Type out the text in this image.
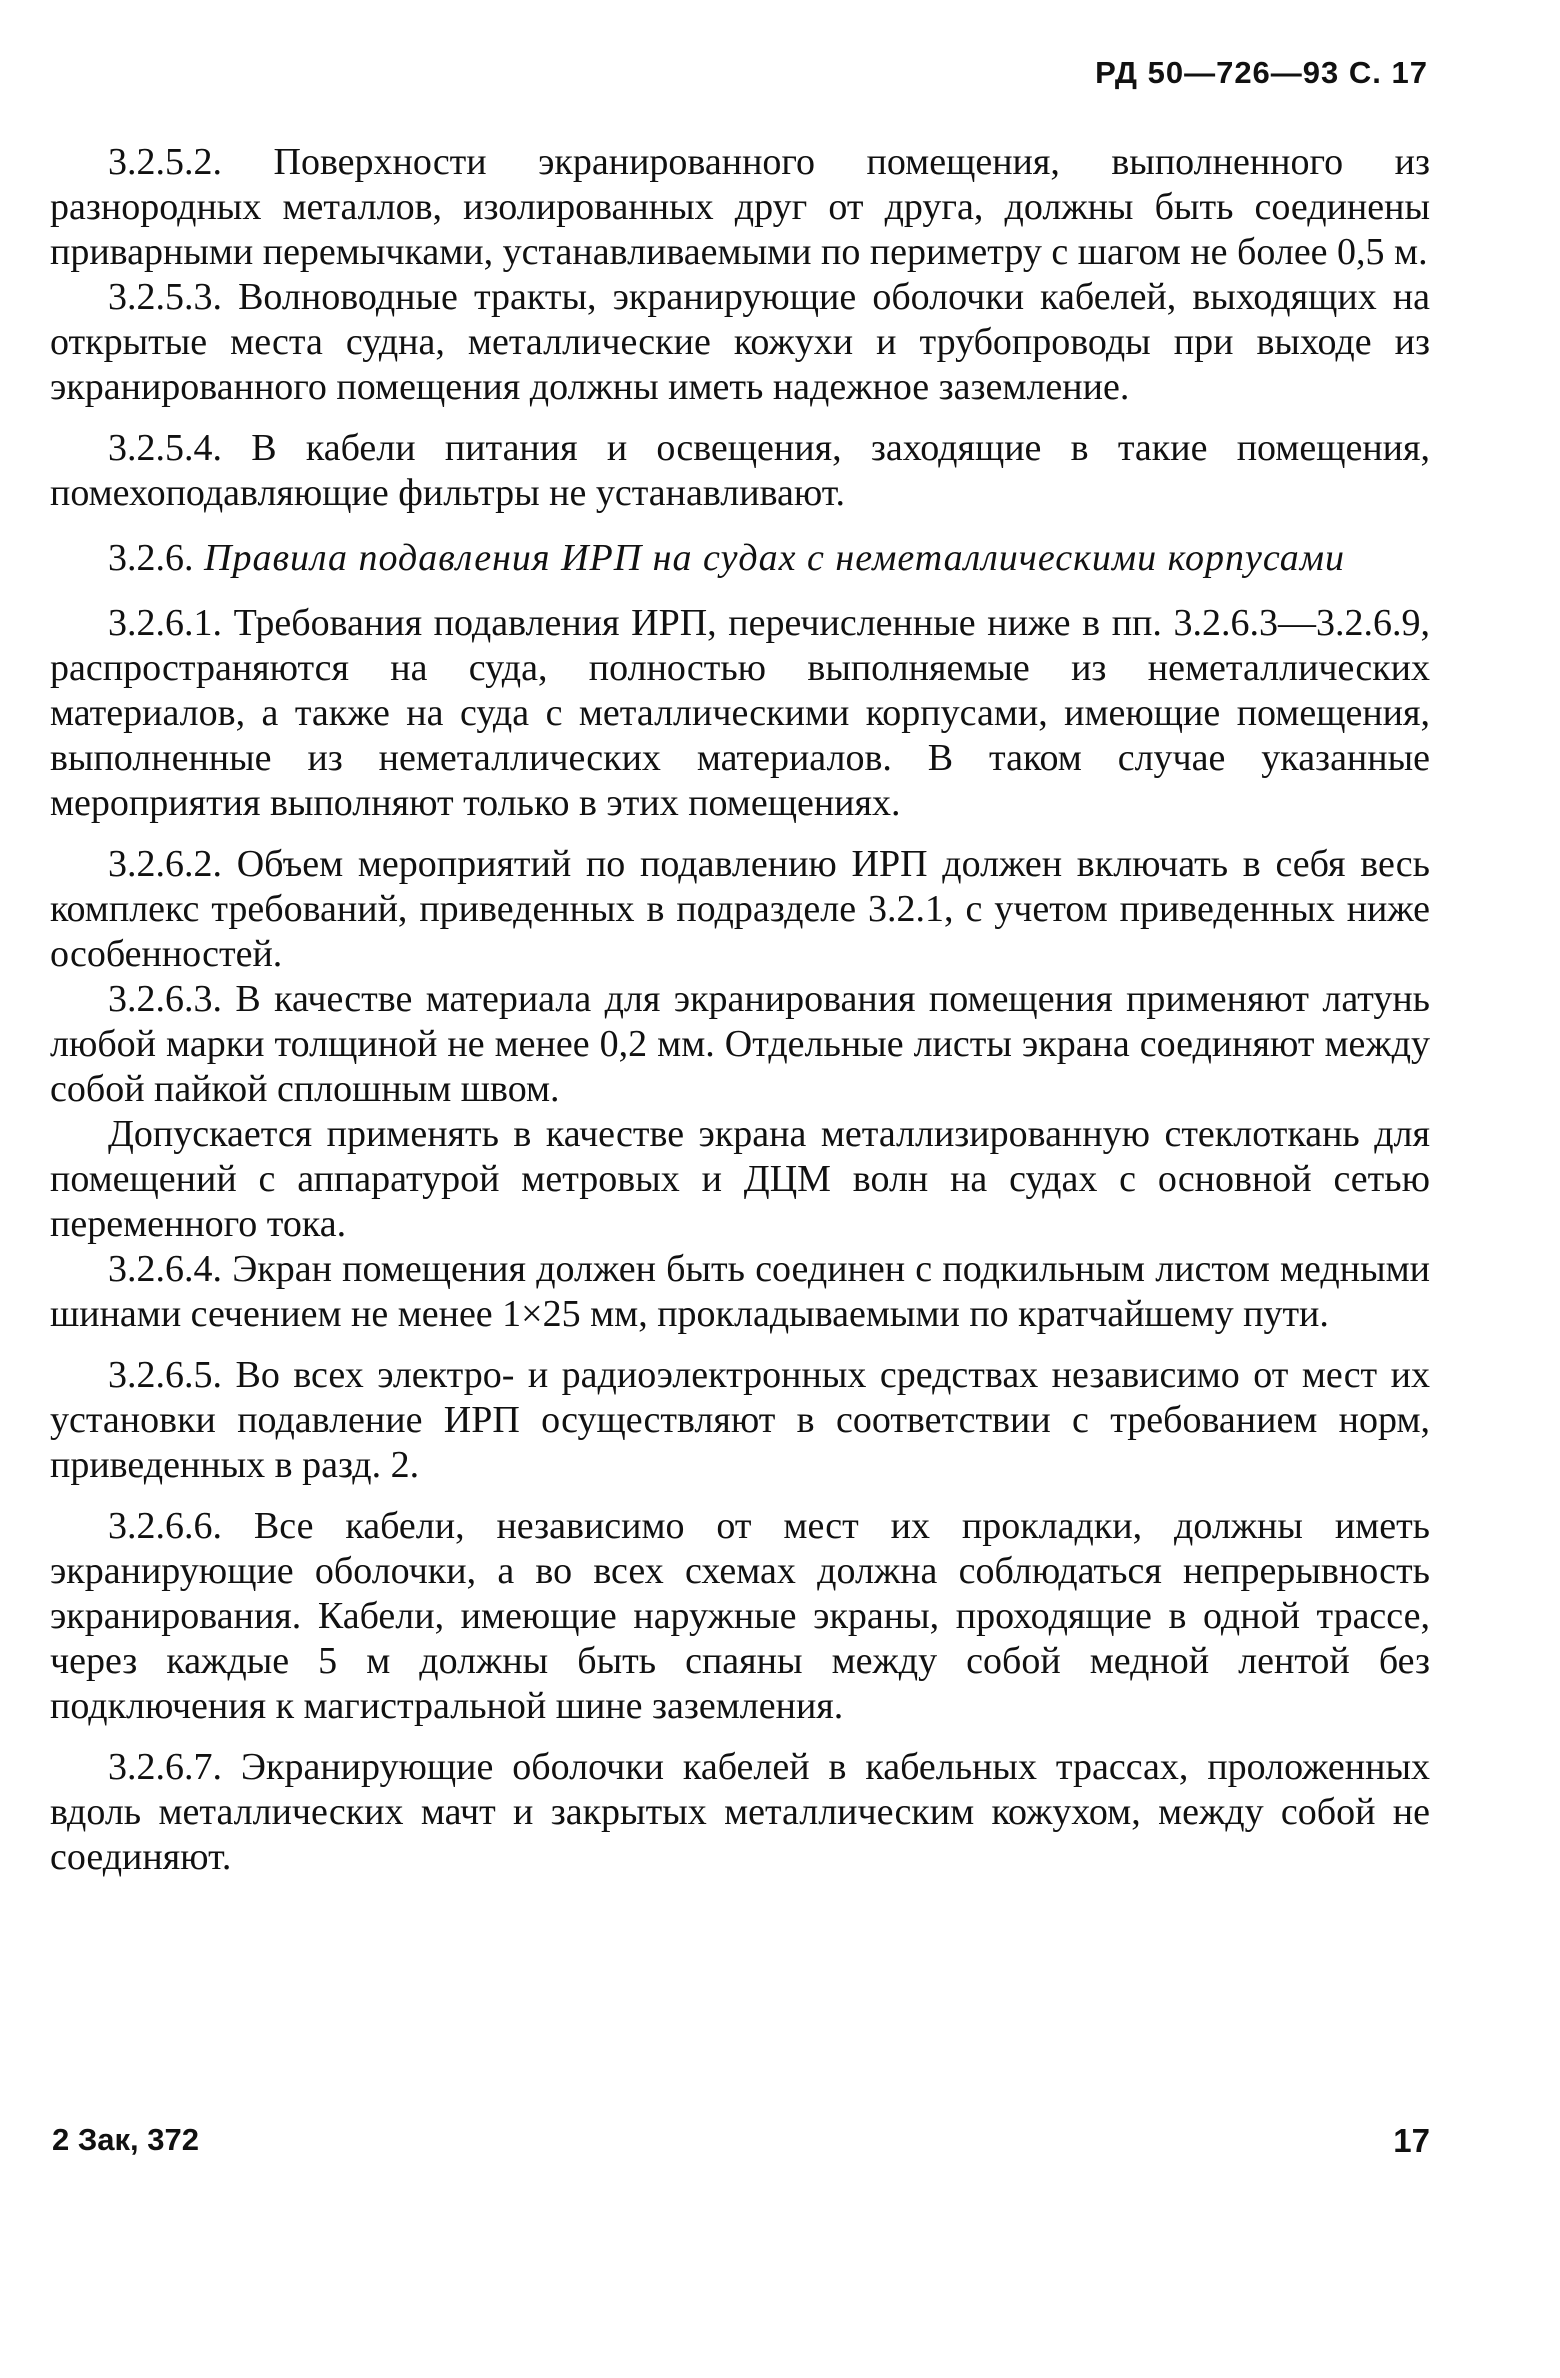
РД 50—726—93 С. 17

3.2.5.2. Поверхности экранированного помещения, выполненного из разнородных металлов, изолированных друг от друга, должны быть соединены приварными перемычками, устанавливаемыми по периметру с шагом не более 0,5 м.

3.2.5.3. Волноводные тракты, экранирующие оболочки кабелей, выходящих на открытые места судна, металлические кожухи и трубопроводы при выходе из экранированного помещения должны иметь надежное заземление.

3.2.5.4. В кабели питания и освещения, заходящие в такие помещения, помехоподавляющие фильтры не устанавливают.

3.2.6. Правила подавления ИРП на судах с неметаллическими корпусами

3.2.6.1. Требования подавления ИРП, перечисленные ниже в пп. 3.2.6.3—3.2.6.9, распространяются на суда, полностью выполняемые из неметаллических материалов, а также на суда с металлическими корпусами, имеющие помещения, выполненные из неметаллических материалов. В таком случае указанные мероприятия выполняют только в этих помещениях.

3.2.6.2. Объем мероприятий по подавлению ИРП должен включать в себя весь комплекс требований, приведенных в подразделе 3.2.1, с учетом приведенных ниже особенностей.

3.2.6.3. В качестве материала для экранирования помещения применяют латунь любой марки толщиной не менее 0,2 мм. Отдельные листы экрана соединяют между собой пайкой сплошным швом.

Допускается применять в качестве экрана металлизированную стеклоткань для помещений с аппаратурой метровых и ДЦМ волн на судах с основной сетью переменного тока.

3.2.6.4. Экран помещения должен быть соединен с подкильным листом медными шинами сечением не менее 1×25 мм, прокладываемыми по кратчайшему пути.

3.2.6.5. Во всех электро- и радиоэлектронных средствах независимо от мест их установки подавление ИРП осуществляют в соответствии с требованием норм, приведенных в разд. 2.

3.2.6.6. Все кабели, независимо от мест их прокладки, должны иметь экранирующие оболочки, а во всех схемах должна соблюдаться непрерывность экранирования. Кабели, имеющие наружные экраны, проходящие в одной трассе, через каждые 5 м должны быть спаяны между собой медной лентой без подключения к магистральной шине заземления.

3.2.6.7. Экранирующие оболочки кабелей в кабельных трассах, проложенных вдоль металлических мачт и закрытых металлическим кожухом, между собой не соединяют.

2 Зак, 372	17
